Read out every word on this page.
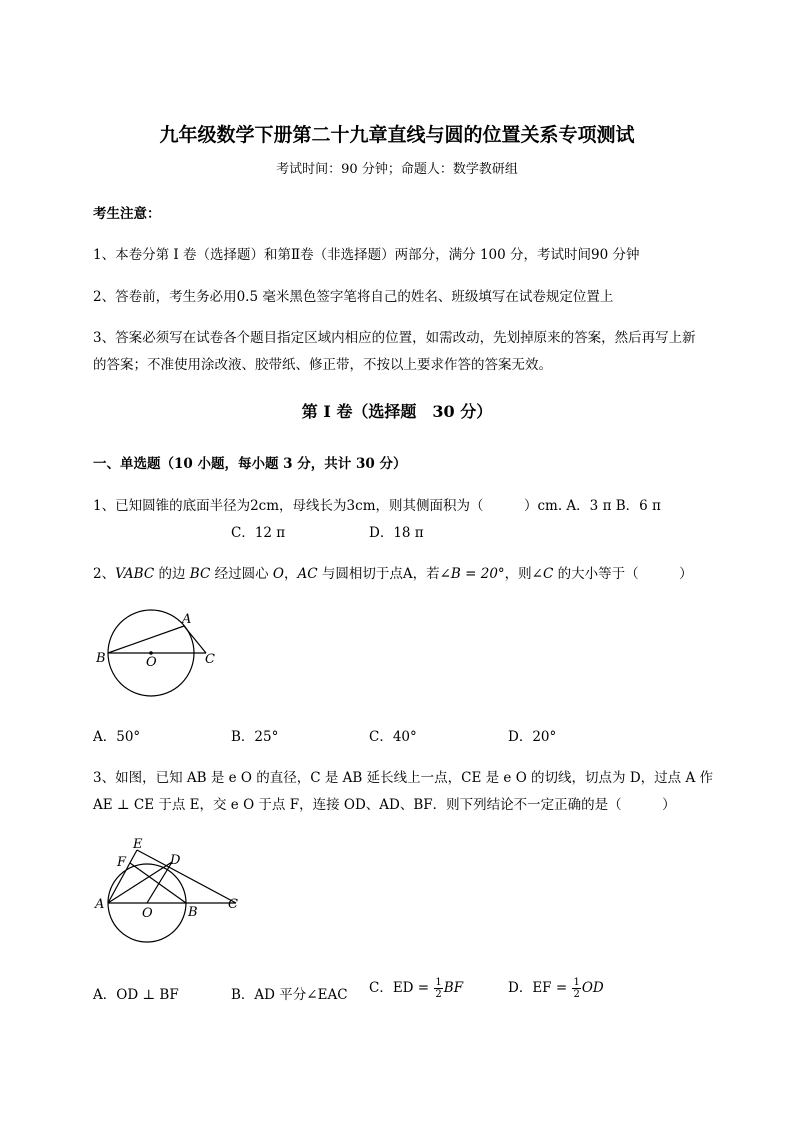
九年级数学下册第二十九章直线与圆的位置关系专项测试
考试时间：90 分钟；命题人：数学教研组
考生注意：
1、本卷分第 I 卷（选择题）和第Ⅱ卷（非选择题）两部分，满分 100 分，考试时间90 分钟
2、答卷前，考生务必用0.5 毫米黑色签字笔将自己的姓名、班级填写在试卷规定位置上
3、答案必须写在试卷各个题目指定区域内相应的位置，如需改动，先划掉原来的答案，然后再写上新
的答案；不准使用涂改液、胶带纸、修正带，不按以上要求作答的答案无效。
第 I 卷（选择题　30 分）
一、单选题（10 小题，每小题 3 分，共计 30 分）
1、已知圆锥的底面半径为2cm，母线长为3cm，则其侧面积为（　　　）cm. A．3 π B．6 π
C．12 π	D．18 π
2、VABC 的边 BC 经过圆心 O，AC 与圆相切于点A，若∠B = 20°，则∠C 的大小等于（　　　）
A
B	O	C
A．50°	B．25°	C．40°	D．20°
3、如图，已知 AB 是 e O 的直径，C 是 AB 延长线上一点，CE 是 e O 的切线，切点为 D，过点 A 作
AE ⊥ CE 于点 E，交 e O 于点 F，连接 OD、AD、BF．则下列结论不一定正确的是（　　　）
E
F	D
A
O	B
C
A．OD ⊥ BF	B．AD 平分∠EAC C．ED = $\frac{1}{2}$ BF	D．EF = $\frac{1}{2}$ OD
